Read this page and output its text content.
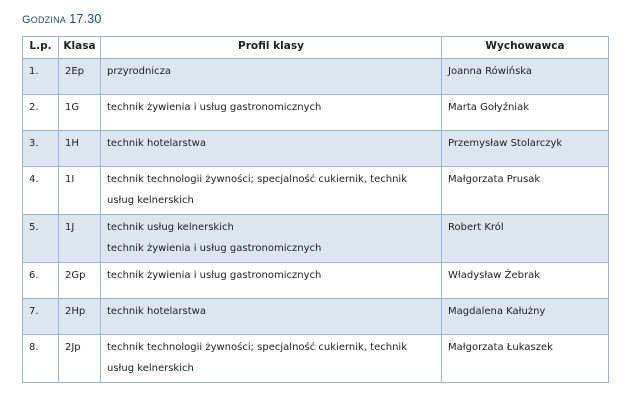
GODZINA 17.30
L.p.	Klasa	Profil klasy	Wychowawca

1.	2Ep	przyrodnicza	Joanna Rówińska

2.	1G	technik żywienia i usług gastronomicznych	Marta Gołyźniak

3.	1H	technik hotelarstwa	Przemysław Stolarczyk

4.	1I	technik technologii żywności; specjalność cukiernik, technik
usług kelnerskich	Małgorzata Prusak

5.	1J	technik usług kelnerskich
technik żywienia i usług gastronomicznych	Robert Król

6.	2Gp	technik żywienia i usług gastronomicznych	Władysław Żebrak

7.	2Hp	technik hotelarstwa	Magdalena Kałużny

8.	2Jp	technik technologii żywności; specjalność cukiernik, technik
usług kelnerskich	Małgorzata Łukaszek
